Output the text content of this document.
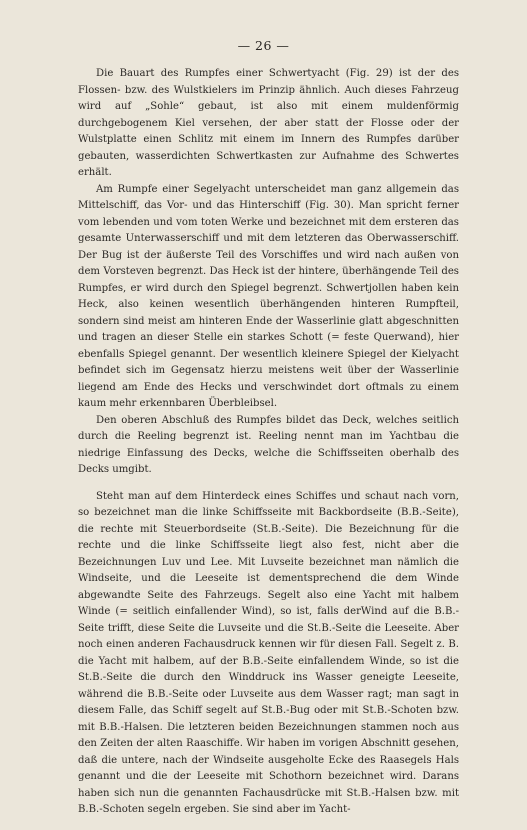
— 26 —

Die Bauart des Rumpfes einer Schwertyacht (Fig. 29) ist der des Flossen- bzw. des Wulstkielers im Prinzip ähnlich. Auch dieses Fahrzeug wird auf „Sohle“ gebaut, ist also mit einem muldenförmig durchgebogenem Kiel versehen, der aber statt der Flosse oder der Wulstplatte einen Schlitz mit einem im Innern des Rumpfes darüber gebauten, wasserdichten Schwertkasten zur Aufnahme des Schwertes erhält.

Am Rumpfe einer Segelyacht unterscheidet man ganz allgemein das Mittelschiff, das Vor- und das Hinterschiff (Fig. 30). Man spricht ferner vom lebenden und vom toten Werke und bezeichnet mit dem ersteren das gesamte Unterwasserschiff und mit dem letzteren das Oberwasserschiff. Der Bug ist der äußerste Teil des Vorschiffes und wird nach außen von dem Vorsteven begrenzt. Das Heck ist der hintere, überhängende Teil des Rumpfes, er wird durch den Spiegel begrenzt. Schwertjollen haben kein Heck, also keinen wesentlich überhängenden hinteren Rumpfteil, sondern sind meist am hinteren Ende der Wasserlinie glatt abgeschnitten und tragen an dieser Stelle ein starkes Schott (= feste Querwand), hier ebenfalls Spiegel genannt. Der wesentlich kleinere Spiegel der Kielyacht befindet sich im Gegensatz hierzu meistens weit über der Wasserlinie liegend am Ende des Hecks und verschwindet dort oftmals zu einem kaum mehr erkennbaren Überbleibsel.

Den oberen Abschluß des Rumpfes bildet das Deck, welches seitlich durch die Reeling begrenzt ist. Reeling nennt man im Yachtbau die niedrige Einfassung des Decks, welche die Schiffsseiten oberhalb des Decks umgibt.

Steht man auf dem Hinterdeck eines Schiffes und schaut nach vorn, so bezeichnet man die linke Schiffsseite mit Backbordseite (B.B.-Seite), die rechte mit Steuerbordseite (St.B.-Seite). Die Bezeichnung für die rechte und die linke Schiffsseite liegt also fest, nicht aber die Bezeichnungen Luv und Lee. Mit Luvseite bezeichnet man nämlich die Windseite, und die Leeseite ist dementsprechend die dem Winde abgewandte Seite des Fahrzeugs. Segelt also eine Yacht mit halbem Winde (= seitlich einfallender Wind), so ist, falls derWind auf die B.B.-Seite trifft, diese Seite die Luvseite und die St.B.-Seite die Leeseite. Aber noch einen anderen Fachausdruck kennen wir für diesen Fall. Segelt z. B. die Yacht mit halbem, auf der B.B.-Seite einfallendem Winde, so ist die St.B.-Seite die durch den Winddruck ins Wasser geneigte Leeseite, während die B.B.-Seite oder Luvseite aus dem Wasser ragt; man sagt in diesem Falle, das Schiff segelt auf St.B.-Bug oder mit St.B.-Schoten bzw. mit B.B.-Halsen. Die letzteren beiden Bezeichnungen stammen noch aus den Zeiten der alten Raaschiffe. Wir haben im vorigen Abschnitt gesehen, daß die untere, nach der Windseite ausgeholte Ecke des Raasegels Hals genannt und die der Leeseite mit Schothorn bezeichnet wird. Darans haben sich nun die genannten Fachausdrücke mit St.B.-Halsen bzw. mit B.B.-Schoten segeln ergeben. Sie sind aber im Yacht-
